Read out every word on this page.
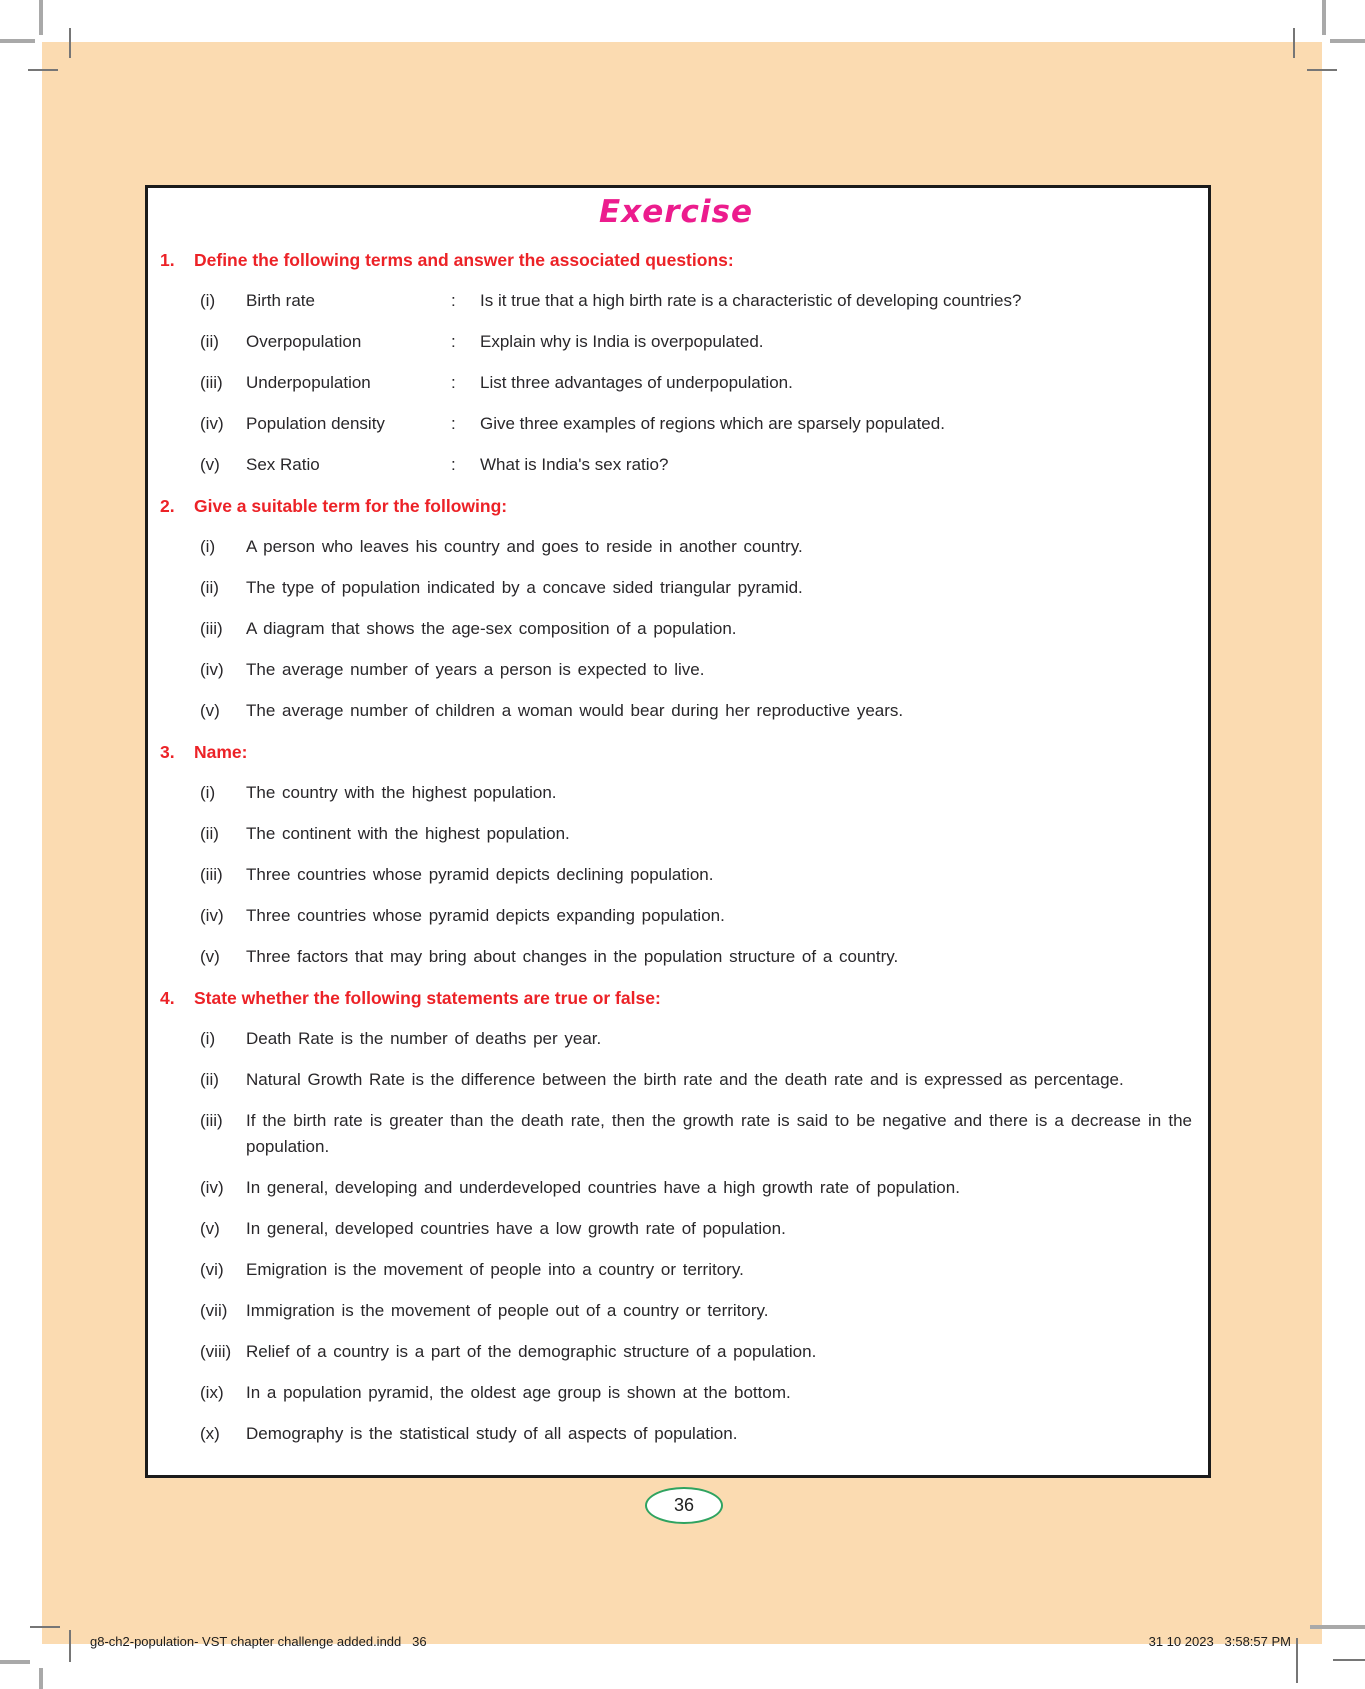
Exercise
1.	Define the following terms and answer the associated questions:
(i)	Birth rate	:	Is it true that a high birth rate is a characteristic of developing countries?
(ii)	Overpopulation	:	Explain why is India is overpopulated.
(iii)	Underpopulation	:	List three advantages of underpopulation.
(iv)	Population density	:	Give three examples of regions which are sparsely populated.
(v)	Sex Ratio	:	What is India's sex ratio?
2.	Give a suitable term for the following:
(i)	A person who leaves his country and goes to reside in another country.
(ii)	The type of population indicated by a concave sided triangular pyramid.
(iii)	A diagram that shows the age-sex composition of a population.
(iv)	The average number of years a person is expected to live.
(v)	The average number of children a woman would bear during her reproductive years.
3.	Name:
(i)	The country with the highest population.
(ii)	The continent with the highest population.
(iii)	Three countries whose pyramid depicts declining population.
(iv)	Three countries whose pyramid depicts expanding population.
(v)	Three factors that may bring about changes in the population structure of a country.
4.	State whether the following statements are true or false:
(i)	Death Rate is the number of deaths per year.
(ii)	Natural Growth Rate is the difference between the birth rate and the death rate and is expressed as percentage.
(iii)	If the birth rate is greater than the death rate, then the growth rate is said to be negative and there is a decrease in the population.
(iv)	In general, developing and underdeveloped countries have a high growth rate of population.
(v)	In general, developed countries have a low growth rate of population.
(vi)	Emigration is the movement of people into a country or territory.
(vii)	Immigration is the movement of people out of a country or territory.
(viii) Relief of a country is a part of the demographic structure of a population.
(ix)	In a population pyramid, the oldest age group is shown at the bottom.
(x)	Demography is the statistical study of all aspects of population.
36
g8-ch2-population- VST chapter challenge added.indd   36	31 10 2023   3:58:57 PM
